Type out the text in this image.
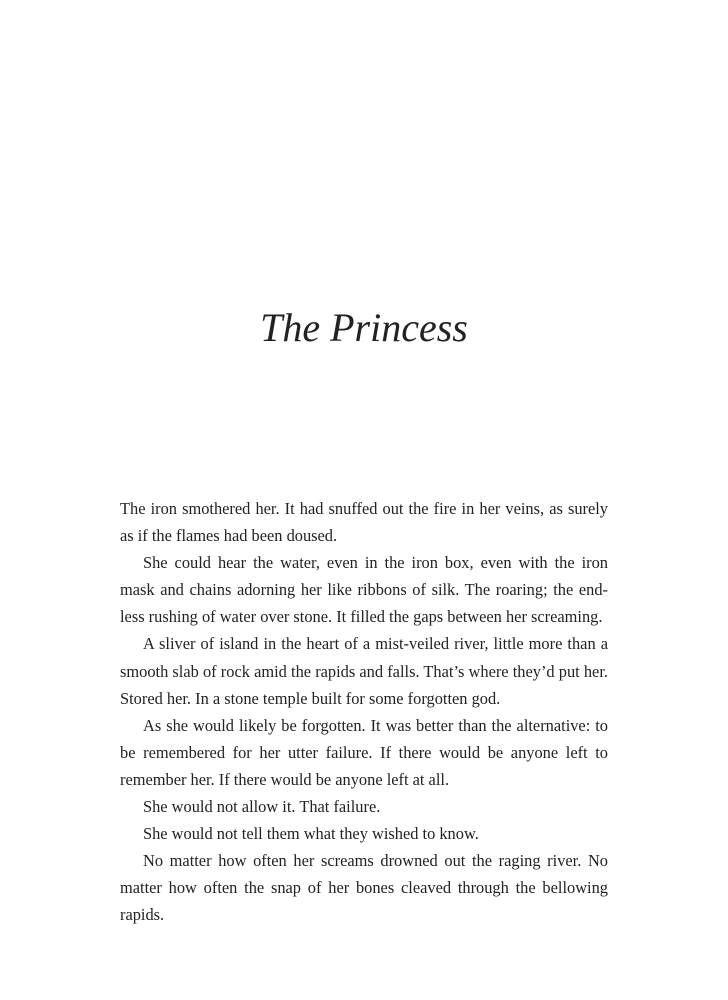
The Princess

The iron smothered her. It had snuffed out the fire in her veins, as surely as if the flames had been doused.

She could hear the water, even in the iron box, even with the iron mask and chains adorning her like ribbons of silk. The roaring; the endless rushing of water over stone. It filled the gaps between her screaming.

A sliver of island in the heart of a mist-veiled river, little more than a smooth slab of rock amid the rapids and falls. That’s where they’d put her. Stored her. In a stone temple built for some forgotten god.

As she would likely be forgotten. It was better than the alternative: to be remembered for her utter failure. If there would be anyone left to remember her. If there would be anyone left at all.

She would not allow it. That failure.

She would not tell them what they wished to know.

No matter how often her screams drowned out the raging river. No matter how often the snap of her bones cleaved through the bellowing rapids.
